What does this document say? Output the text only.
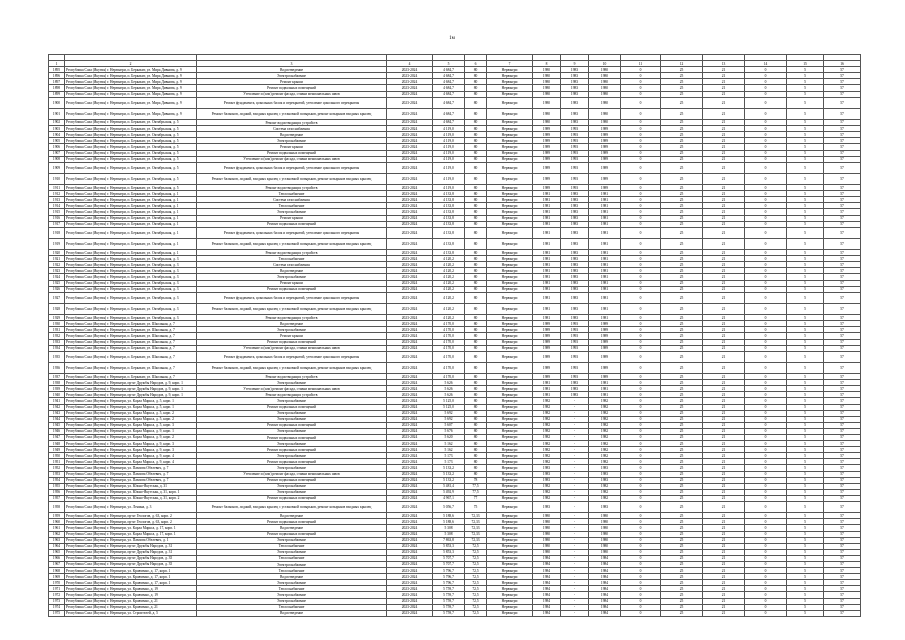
1м

1	2	3	4	5	6	7	8	9	10	11	12	13	14	15	16
1895	Республика Саха (Якутия) г. Нерюнгри, п. Беркакит, ул. Мира Дивнова, д. 9	Водоотведение	2023-2024	4 684,7	80	Нерюнгри	1980	1983	1980	0	25	21	0	5	57
1896	Республика Саха (Якутия) г. Нерюнгри, п. Беркакит, ул. Мира Дивнова, д. 9	Электроснабжение	2023-2024	4 684,7	80	Нерюнгри	1980	1983	1980	0	25	21	0	5	57
1897	Республика Саха (Якутия) г. Нерюнгри, п. Беркакит, ул. Мира Дивнова, д. 9	Ремонт крыши	2023-2024	4 684,7	80	Нерюнгри	1980	1983	1980	0	25	21	0	5	57
1898	Республика Саха (Якутия) г. Нерюнгри, п. Беркакит, ул. Мира Дивнова, д. 9	Ремонт подвальных помещений	2023-2024	4 684,7	80	Нерюнгри	1980	1983	1980	0	25	21	0	5	57
1899	Республика Саха (Якутия) г. Нерюнгри, п. Беркакит, ул. Мира Дивнова, д. 9	Утепление и (или) ремонт фасада, ставни межпанельных швов	2023-2024	4 684,7	80	Нерюнгри	1980	1983	1980	0	25	21	0	5	57
1900	Республика Саха (Якутия) г. Нерюнгри, п. Беркакит, ул. Мира Дивнова, д. 9	Ремонт фундамента, цокольных балок и перекрытий, утепление цокольного перекрытия	2023-2024	4 684,7	80	Нерюнгри	1980	1983	1980	0	25	21	0	5	57
1901	Республика Саха (Якутия) г. Нерюнгри, п. Беркакит, ул. Мира Дивнова, д. 9	Ремонт балконов, лоджий, входных крылец с установкой позырьков, ремонт козырьков входных крылец	2023-2024	4 684,7	80	Нерюнгри	1980	1983	1980	0	25	21	0	5	57
1902	Республика Саха (Якутия) г. Нерюнгри, п. Беркакит, ул. Октябрьская, д. 5	Ремонт водоотводящих устройств	2023-2024	4 684,7	80	Нерюнгри	1980	1983	1980	0	25	21	0	5	57
1903	Республика Саха (Якутия) г. Нерюнгри, п. Беркакит, ул. Октябрьская, д. 5	Система газоснабжения	2023-2024	4 119,0	80	Нерюнгри	1989	1993	1989	0	25	21	0	5	57
1904	Республика Саха (Якутия) г. Нерюнгри, п. Беркакит, ул. Октябрьская, д. 5	Водоотведение	2023-2024	4 119,0	80	Нерюнгри	1989	1993	1989	0	25	21	0	5	57
1905	Республика Саха (Якутия) г. Нерюнгри, п. Беркакит, ул. Октябрьская, д. 5	Электроснабжение	2023-2024	4 119,0	80	Нерюнгри	1989	1993	1989	0	25	21	0	5	57
1906	Республика Саха (Якутия) г. Нерюнгри, п. Беркакит, ул. Октябрьская, д. 5	Ремонт крыши	2023-2024	4 119,0	80	Нерюнгри	1989	1993	1989	0	25	21	0	5	57
1907	Республика Саха (Якутия) г. Нерюнгри, п. Беркакит, ул. Октябрьская, д. 5	Ремонт подвальных помещений	2023-2024	4 119,0	80	Нерюнгри	1989	1993	1989	0	25	21	0	5	57
1908	Республика Саха (Якутия) г. Нерюнгри, п. Беркакит, ул. Октябрьская, д. 5	Утепление и (или) ремонт фасада, ставни межпанельных швов	2023-2024	4 119,0	80	Нерюнгри	1989	1993	1989	0	25	21	0	5	57
1909	Республика Саха (Якутия) г. Нерюнгри, п. Беркакит, ул. Октябрьская, д. 5	Ремонт фундамента, цокольных балок и перекрытий, утепление цокольного перекрытия	2023-2024	4 119,0	80	Нерюнгри	1989	1993	1989	0	25	21	0	5	57
1910	Республика Саха (Якутия) г. Нерюнгри, п. Беркакит, ул. Октябрьская, д. 5	Ремонт балконов, лоджий, входных крылец с установкой позырьков, ремонт козырьков входных крылец	2023-2024	4 119,0	80	Нерюнгри	1989	1993	1989	0	25	21	0	5	57
1911	Республика Саха (Якутия) г. Нерюнгри, п. Беркакит, ул. Октябрьская, д. 5	Ремонт водоотводящих устройств	2023-2024	4 119,0	80	Нерюнгри	1989	1993	1989	0	25	21	0	5	57
1912	Республика Саха (Якутия) г. Нерюнгри, п. Беркакит, ул. Октябрьская, д. 1	Теплоснабжение	2023-2024	4 133,8	80	Нерюнгри	1981	1983	1981	0	25	21	0	5	57
1913	Республика Саха (Якутия) г. Нерюнгри, п. Беркакит, ул. Октябрьская, д. 1	Система газоснабжения	2023-2024	4 133,8	80	Нерюнгри	1981	1983	1981	0	25	21	0	5	57
1914	Республика Саха (Якутия) г. Нерюнгри, п. Беркакит, ул. Октябрьская, д. 1	Теплоснабжение	2023-2024	4 133,8	80	Нерюнгри	1981	1983	1981	0	25	21	0	5	57
1915	Республика Саха (Якутия) г. Нерюнгри, п. Беркакит, ул. Октябрьская, д. 1	Электроснабжение	2023-2024	4 133,8	80	Нерюнгри	1981	1983	1981	0	25	21	0	5	57
1916	Республика Саха (Якутия) г. Нерюнгри, п. Беркакит, ул. Октябрьская, д. 1	Ремонт крыши	2023-2024	4 133,8	80	Нерюнгри	1981	1983	1981	0	25	21	0	5	57
1917	Республика Саха (Якутия) г. Нерюнгри, п. Беркакит, ул. Октябрьская, д. 1	Ремонт подвальных помещений	2023-2024	4 133,8	80	Нерюнгри	1981	1983	1981	0	25	21	0	5	57
1918	Республика Саха (Якутия) г. Нерюнгри, п. Беркакит, ул. Октябрьская, д. 1	Ремонт фундамента, цокольных балок и перекрытий, утепление цокольного перекрытия	2023-2024	4 133,8	80	Нерюнгри	1981	1983	1981	0	25	21	0	5	57
1919	Республика Саха (Якутия) г. Нерюнгри, п. Беркакит, ул. Октябрьская, д. 1	Ремонт балконов, лоджий, входных крылец с установкой позырьков, ремонт козырьков входных крылец	2023-2024	4 133,8	80	Нерюнгри	1981	1983	1981	0	25	21	0	5	57
1920	Республика Саха (Якутия) г. Нерюнгри, п. Беркакит, ул. Октябрьская, д. 1	Ремонт водоотводящих устройств	2023-2024	4 133,8	80	Нерюнгри	1981	1983	1981	0	25	21	0	5	57
1921	Республика Саха (Якутия) г. Нерюнгри, п. Беркакит, ул. Октябрьская, д. 3	Теплоснабжение	2023-2024	4 120,2	80	Нерюнгри	1981	1983	1981	0	25	21	0	5	57
1922	Республика Саха (Якутия) г. Нерюнгри, п. Беркакит, ул. Октябрьская, д. 3	Система газоснабжения	2023-2024	4 120,2	80	Нерюнгри	1981	1983	1981	0	25	21	0	5	57
1923	Республика Саха (Якутия) г. Нерюнгри, п. Беркакит, ул. Октябрьская, д. 3	Водоотведение	2023-2024	4 120,2	80	Нерюнгри	1981	1983	1981	0	25	21	0	5	57
1924	Республика Саха (Якутия) г. Нерюнгри, п. Беркакит, ул. Октябрьская, д. 3	Электроснабжение	2023-2024	4 120,2	80	Нерюнгри	1981	1983	1981	0	25	21	0	5	57
1925	Республика Саха (Якутия) г. Нерюнгри, п. Беркакит, ул. Октябрьская, д. 3	Ремонт крыши	2023-2024	4 120,2	80	Нерюнгри	1981	1983	1981	0	25	21	0	5	57
1926	Республика Саха (Якутия) г. Нерюнгри, п. Беркакит, ул. Октябрьская, д. 3	Ремонт подвальных помещений	2023-2024	4 120,2	80	Нерюнгри	1981	1983	1981	0	25	21	0	5	57
1927	Республика Саха (Якутия) г. Нерюнгри, п. Беркакит, ул. Октябрьская, д. 3	Ремонт фундамента, цокольных балок и перекрытий, утепление цокольного перекрытия	2023-2024	4 120,2	80	Нерюнгри	1981	1983	1981	0	25	21	0	5	57
1928	Республика Саха (Якутия) г. Нерюнгри, п. Беркакит, ул. Октябрьская, д. 3	Ремонт балконов, лоджий, входных крылец с установкой позырьков, ремонт козырьков входных крылец	2023-2024	4 120,2	80	Нерюнгри	1981	1983	1981	0	25	21	0	5	57
1929	Республика Саха (Якутия) г. Нерюнгри, п. Беркакит, ул. Октябрьская, д. 3	Ремонт водоотводящих устройств	2023-2024	4 120,2	80	Нерюнгри	1981	1983	1981	0	25	21	0	5	57
1930	Республика Саха (Якутия) г. Нерюнгри, п. Беркакит, ул. Школьная, д. 7	Водоотведение	2023-2024	4 170,0	80	Нерюнгри	1989	1993	1989	0	25	21	0	5	57
1931	Республика Саха (Якутия) г. Нерюнгри, п. Беркакит, ул. Школьная, д. 7	Электроснабжение	2023-2024	4 170,0	80	Нерюнгри	1989	1993	1989	0	25	21	0	5	57
1932	Республика Саха (Якутия) г. Нерюнгри, п. Беркакит, ул. Школьная, д. 7	Ремонт крыши	2023-2024	4 170,0	80	Нерюнгри	1989	1993	1989	0	25	21	0	5	57
1933	Республика Саха (Якутия) г. Нерюнгри, п. Беркакит, ул. Школьная, д. 7	Ремонт подвальных помещений	2023-2024	4 170,0	80	Нерюнгри	1989	1993	1989	0	25	21	0	5	57
1934	Республика Саха (Якутия) г. Нерюнгри, п. Беркакит, ул. Школьная, д. 7	Утепление и (или) ремонт фасада, ставни межпанельных швов	2023-2024	4 170,0	80	Нерюнгри	1989	1993	1989	0	25	21	0	5	57
1935	Республика Саха (Якутия) г. Нерюнгри, п. Беркакит, ул. Школьная, д. 7	Ремонт фундамента, цокольных балок и перекрытий, утепление цокольного перекрытия	2023-2024	4 170,0	80	Нерюнгри	1989	1993	1989	0	25	21	0	5	57
1936	Республика Саха (Якутия) г. Нерюнгри, п. Беркакит, ул. Школьная, д. 7	Ремонт балконов, лоджий, входных крылец с установкой позырьков, ремонт козырьков входных крылец	2023-2024	4 170,0	80	Нерюнгри	1989	1993	1989	0	25	21	0	5	57
1937	Республика Саха (Якутия) г. Нерюнгри, п. Беркакит, ул. Школьная, д. 7	Ремонт водоотводящих устройств	2023-2024	4 170,0	80	Нерюнгри	1989	1993	1989	0	25	21	0	5	57
1938	Республика Саха (Якутия) г. Нерюнгри, пр-кт Дружбы Народов, д. 9, корп. 1	Электроснабжение	2023-2024	5 626	80	Нерюнгри	1981	1983	1981	0	25	21	0	5	57
1939	Республика Саха (Якутия) г. Нерюнгри, пр-кт Дружбы Народов, д. 9, корп. 1	Утепление и (или) ремонт фасада, ставни межпанельных швов	2023-2024	5 626	80	Нерюнгри	1981	1983	1981	0	25	21	0	5	57
1940	Республика Саха (Якутия) г. Нерюнгри, пр-кт Дружбы Народов, д. 9, корп. 1	Ремонт водоотводящих устройств	2023-2024	5 626	80	Нерюнгри	1981	1983	1981	0	25	21	0	5	57
1941	Республика Саха (Якутия) г. Нерюнгри, ул. Карла Маркса, д. 5, корп. 1	Электроснабжение	2023-2024	5 125,0	80	Нерюнгри	1982	-	1982	0	25	21	0	5	57
1942	Республика Саха (Якутия) г. Нерюнгри, ул. Карла Маркса, д. 5, корп. 1	Ремонт подвальных помещений	2023-2024	5 125,0	80	Нерюнгри	1982	-	1982	0	25	21	0	5	57
1943	Республика Саха (Якутия) г. Нерюнгри, ул. Карла Маркса, д. 5, корп. 2	Электроснабжение	2023-2024	5 692	80	Нерюнгри	1982	-	1982	0	25	21	0	5	57
1944	Республика Саха (Якутия) г. Нерюнгри, ул. Карла Маркса, д. 5, корп. 2	Электроснабжение	2023-2024	5 692	80	Нерюнгри	1982	-	1982	0	25	21	0	5	57
1945	Республика Саха (Якутия) г. Нерюнгри, ул. Карла Маркса, д. 5, корп. 3	Ремонт подвальных помещений	2023-2024	5 607	80	Нерюнгри	1982	-	1982	0	25	21	0	5	57
1946	Республика Саха (Якутия) г. Нерюнгри, ул. Карла Маркса, д. 9, корп. 1	Электроснабжение	2023-2024	5 676	80	Нерюнгри	1982	-	1982	0	25	21	0	5	57
1947	Республика Саха (Якутия) г. Нерюнгри, ул. Карла Маркса, д. 9, корп. 2	Ремонт подвальных помещений	2023-2024	5 620	80	Нерюнгри	1982	-	1982	0	25	21	0	5	57
1948	Республика Саха (Якутия) г. Нерюнгри, ул. Карла Маркса, д. 9, корп. 3	Электроснабжение	2023-2024	5 162	80	Нерюнгри	1982	-	1982	0	25	21	0	5	57
1949	Республика Саха (Якутия) г. Нерюнгри, ул. Карла Маркса, д. 9, корп. 3	Ремонт подвальных помещений	2023-2024	5 162	80	Нерюнгри	1982	-	1982	0	25	21	0	5	57
1950	Республика Саха (Якутия) г. Нерюнгри, ул. Карла Маркса, д. 9, корп. 4	Электроснабжение	2023-2024	5 173	80	Нерюнгри	1982	-	1982	0	25	21	0	5	57
1951	Республика Саха (Якутия) г. Нерюнгри, ул. Карла Маркса, д. 9, корп. 4	Ремонт подвальных помещений	2023-2024	5 173	80	Нерюнгри	1982	-	1982	0	25	21	0	5	57
1952	Республика Саха (Якутия) г. Нерюнгри, ул. Павлова Обелевич, д. 7	Электроснабжение	2023-2024	5 133,2	80	Нерюнгри	1983	-	1983	0	25	21	0	5	57
1953	Республика Саха (Якутия) г. Нерюнгри, ул. Павлова Обелевич, д. 7	Утепление и (или) ремонт фасада, ставни межпанельных швов	2023-2024	5 133,2	80	Нерюнгри	1983	-	1983	0	25	21	0	5	57
1954	Республика Саха (Якутия) г. Нерюнгри, ул. Павлова Обелевич, д. 7	Ремонт подвальных помещений	2023-2024	5 133,2	78	Нерюнгри	1983	-	1983	0	25	21	0	5	57
1955	Республика Саха (Якутия) г. Нерюнгри, ул. Южно-Якутская, д. 31	Электроснабжение	2023-2024	5 481,4	77,5	Нерюнгри	1982	-	1982	0	25	21	0	5	57
1956	Республика Саха (Якутия) г. Нерюнгри, ул. Южно-Якутская, д. 31, корп. 1	Электроснабжение	2023-2024	5 492,9	77,5	Нерюнгри	1982	-	1982	0	25	21	0	5	57
1957	Республика Саха (Якутия) г. Нерюнгри, ул. Южно-Якутская, д. 31, корп. 2	Ремонт подвальных помещений	2023-2024	4 967,1	77	Нерюнгри	1982	-	1982	0	25	21	0	5	57
1958	Республика Саха (Якутия) г. Нерюнгри, ул. Ленина, д. 3	Ремонт балконов, лоджий, входных крылец с установкой позырьков, ремонт козырьков входных крылец	2023-2024	5 056,7	75	Нерюнгри	1983	-	1983	0	25	21	0	5	57
1959	Республика Саха (Якутия) г. Нерюнгри, пр-кт Геологов, д. 63, корп. 2	Водоотведение	2023-2024	5 188,6	72,33	Нерюнгри	1980	-	1980	0	25	21	0	5	57
1960	Республика Саха (Якутия) г. Нерюнгри, пр-кт Геологов, д. 63, корп. 2	Ремонт подвальных помещений	2023-2024	5 188,6	72,33	Нерюнгри	1980	-	1980	0	25	21	0	5	57
1961	Республика Саха (Якутия) г. Нерюнгри, ул. Карла Маркса, д. 17, корп. 1	Водоотведение	2023-2024	5 308	72,33	Нерюнгри	1980	-	1980	0	25	21	0	5	57
1962	Республика Саха (Якутия) г. Нерюнгри, ул. Карла Маркса, д. 17, корп. 1	Ремонт подвальных помещений	2023-2024	5 308	72,33	Нерюнгри	1980	-	1980	0	25	21	0	5	57
1963	Республика Саха (Якутия) г. Нерюнгри, ул. Павлова Обелевич, д. 1	Электроснабжение	2023-2024	7 863,8	72,33	Нерюнгри	1980	-	1980	0	25	21	0	5	57
1964	Республика Саха (Якутия) г. Нерюнгри, пр-кт Дружбы Народов, д. 31	Теплоснабжение	2023-2024	5 853,3	72,5	Нерюнгри	1980	-	1980	0	25	21	0	5	57
1965	Республика Саха (Якутия) г. Нерюнгри, пр-кт Дружбы Народов, д. 31	Электроснабжение	2023-2024	5 853,3	72,5	Нерюнгри	1980	-	1980	0	25	21	0	5	57
1966	Республика Саха (Якутия) г. Нерюнгри, пр-кт Дружбы Народов, д. 35	Теплоснабжение	2023-2024	5 707,7	72,5	Нерюнгри	1984	-	1984	0	25	21	0	5	57
1967	Республика Саха (Якутия) г. Нерюнгри, пр-кт Дружбы Народов, д. 35	Электроснабжение	2023-2024	5 707,7	72,5	Нерюнгри	1984	-	1984	0	25	21	0	5	57
1968	Республика Саха (Якутия) г. Нерюнгри, ул. Кравченко, д. 17, корп. 1	Теплоснабжение	2023-2024	5 796,7	72,5	Нерюнгри	1984	-	1984	0	25	21	0	5	57
1969	Республика Саха (Якутия) г. Нерюнгри, ул. Кравченко, д. 17, корп. 1	Водоотведение	2023-2024	5 796,7	72,5	Нерюнгри	1984	-	1984	0	25	21	0	5	57
1970	Республика Саха (Якутия) г. Нерюнгри, ул. Кравченко, д. 17, корп. 1	Электроснабжение	2023-2024	5 796,7	72,5	Нерюнгри	1984	-	1984	0	25	21	0	5	57
1971	Республика Саха (Якутия) г. Нерюнгри, ул. Кравченко, д. 19	Теплоснабжение	2023-2024	5 759,7	72,5	Нерюнгри	1984	-	1984	0	25	21	0	5	57
1972	Республика Саха (Якутия) г. Нерюнгри, ул. Кравченко, д. 19	Электроснабжение	2023-2024	5 759,7	72,5	Нерюнгри	1984	-	1984	0	25	21	0	5	57
1973	Республика Саха (Якутия) г. Нерюнгри, ул. Кравченко, д. 21	Электроснабжение	2023-2024	5 759,7	72,5	Нерюнгри	1984	-	1984	0	25	21	0	5	57
1974	Республика Саха (Якутия) г. Нерюнгри, ул. Кравченко, д. 21	Теплоснабжение	2023-2024	5 759,7	72,5	Нерюнгри	1984	-	1984	0	25	21	0	5	57
1975	Республика Саха (Якутия) г. Нерюнгри, ул. Строителей, д. 5	Водоотведение	2023-2024	5 759,7	72,5	Нерюнгри	1984	-	1984	0	25	21	0	5	57
